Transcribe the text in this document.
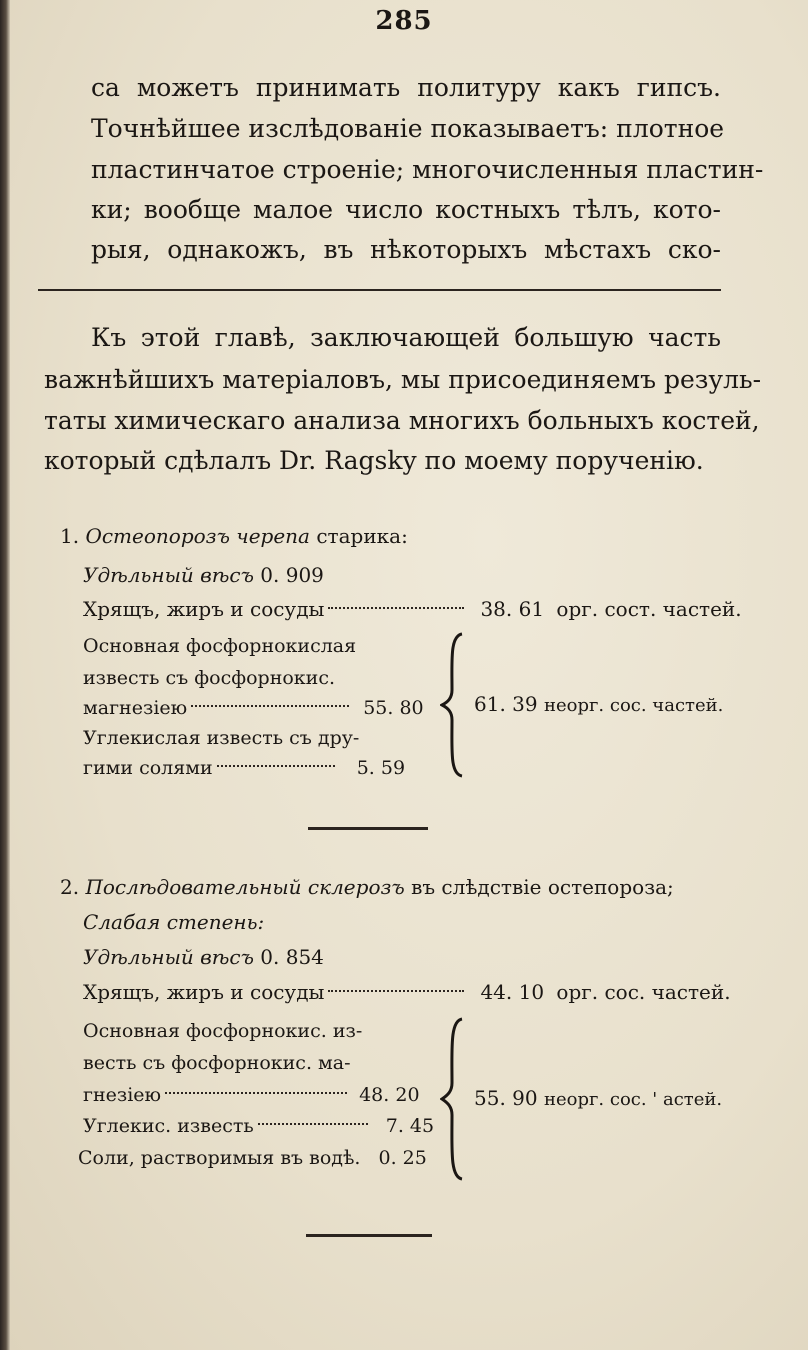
285
са можетъ принимать политуру какъ гипсъ.
Точнѣйшее изслѣдованіе показываетъ: плотное
пластинчатое строеніе; многочисленныя пластин-
ки; вообще малое число костныхъ тѣлъ, кото-
рыя, однакожъ, въ нѣкоторыхъ мѣстахъ ско-
Къ этой главѣ, заключающей большую часть
важнѣйшихъ матеріаловъ, мы присоединяемъ резуль-
таты химическаго анализа многихъ больныхъ костей,
который сдѣлалъ Dr. Ragsky по моему порученію.
1. Остеопорозъ черепа старика:
Удѣльный вѣсъ 0. 909
Хрящъ, жиръ и сосуды	38. 61 орг. сост. частей.
Основная фосфорнокислая
известь съ фосфорнокис.
магнезіею	55. 80
Углекислая известь съ дру-
гими солями	5. 59
61. 39 неорг. сос. частей.
2. Послѣдовательный склерозъ въ слѣдствіе остепороза;
Слабая степень:
Удѣльный вѣсъ 0. 854
Хрящъ, жиръ и сосуды	44. 10 орг. сос. частей.
Основная фосфорнокис. из-
весть съ фосфорнокис. ма-
гнезіею	48. 20
Углекис. известь	7. 45
Соли, растворимыя въ водѣ. 0. 25
55. 90 неорг. сос. ' астей.
